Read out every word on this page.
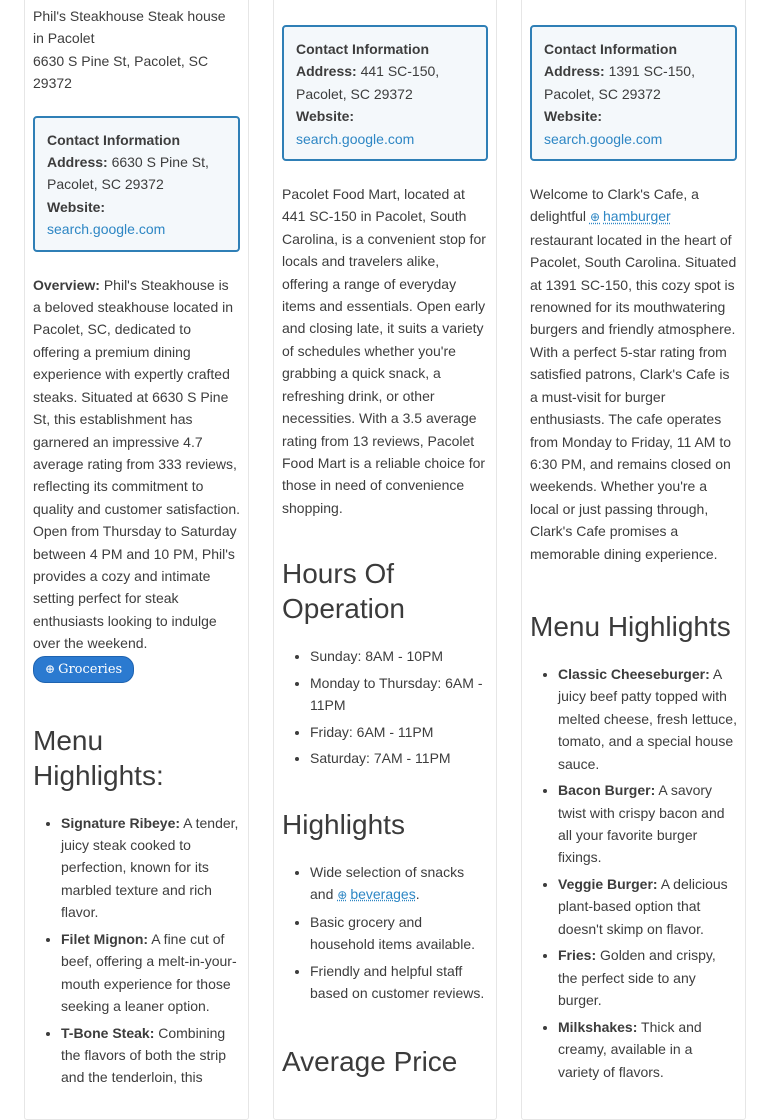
Phil's Steakhouse Steak house in Pacolet

6630 S Pine St, Pacolet, SC 29372

Contact Information
Address: 6630 S Pine St, Pacolet, SC 29372
Website:
search.google.com

Overview: Phil's Steakhouse is a beloved steakhouse located in Pacolet, SC, dedicated to offering a premium dining experience with expertly crafted steaks. Situated at 6630 S Pine St, this establishment has garnered an impressive 4.7 average rating from 333 reviews, reflecting its commitment to quality and customer satisfaction. Open from Thursday to Saturday between 4 PM and 10 PM, Phil's provides a cozy and intimate setting perfect for steak enthusiasts looking to indulge over the weekend.

⊕ Groceries
Menu Highlights:
• Signature Ribeye: A tender, juicy steak cooked to perfection, known for its marbled texture and rich flavor.
• Filet Mignon: A fine cut of beef, offering a melt-in-your-mouth experience for those seeking a leaner option.
• T-Bone Steak: Combining the flavors of both the strip and the tenderloin, this
Contact Information
Address: 441 SC-150, Pacolet, SC 29372
Website:
search.google.com

Pacolet Food Mart, located at 441 SC-150 in Pacolet, South Carolina, is a convenient stop for locals and travelers alike, offering a range of everyday items and essentials. Open early and closing late, it suits a variety of schedules whether you're grabbing a quick snack, a refreshing drink, or other necessities. With a 3.5 average rating from 13 reviews, Pacolet Food Mart is a reliable choice for those in need of convenience shopping.

Hours Of Operation
• Sunday: 8AM - 10PM
• Monday to Thursday: 6AM - 11PM
• Friday: 6AM - 11PM
• Saturday: 7AM - 11PM
Highlights
• Wide selection of snacks and ⊕ beverages.
• Basic grocery and household items available.
• Friendly and helpful staff based on customer reviews.
Average Price
Contact Information
Address: 1391 SC-150, Pacolet, SC 29372
Website:
search.google.com

Welcome to Clark's Cafe, a delightful ⊕ hamburger restaurant located in the heart of Pacolet, South Carolina. Situated at 1391 SC-150, this cozy spot is renowned for its mouthwatering burgers and friendly atmosphere. With a perfect 5-star rating from satisfied patrons, Clark's Cafe is a must-visit for burger enthusiasts. The cafe operates from Monday to Friday, 11 AM to 6:30 PM, and remains closed on weekends. Whether you're a local or just passing through, Clark's Cafe promises a memorable dining experience.

Menu Highlights
• Classic Cheeseburger: A juicy beef patty topped with melted cheese, fresh lettuce, tomato, and a special house sauce.
• Bacon Burger: A savory twist with crispy bacon and all your favorite burger fixings.
• Veggie Burger: A delicious plant-based option that doesn't skimp on flavor.
• Fries: Golden and crispy, the perfect side to any burger.
• Milkshakes: Thick and creamy, available in a variety of flavors.
